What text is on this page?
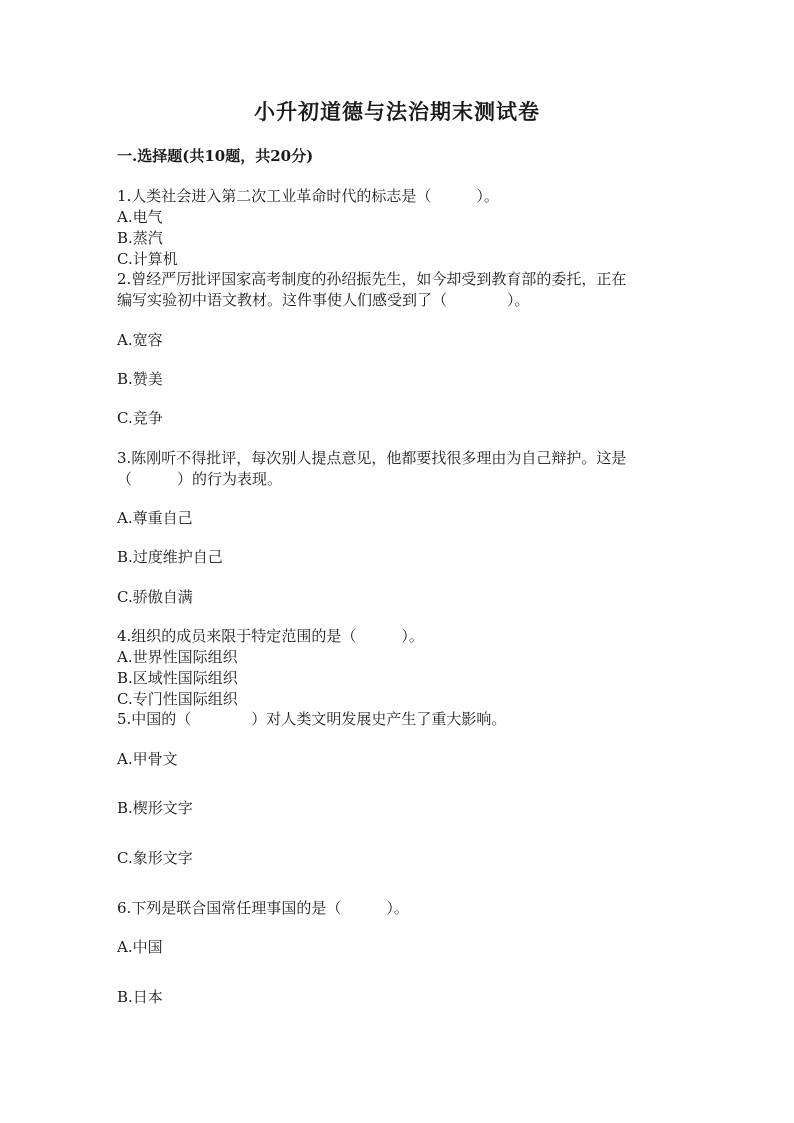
小升初道德与法治期末测试卷
一.选择题(共10题，共20分)
1.人类社会进入第二次工业革命时代的标志是（　　　）。
A.电气
B.蒸汽
C.计算机
2.曾经严厉批评国家高考制度的孙绍振先生，如今却受到教育部的委托，正在
编写实验初中语文教材。这件事使人们感受到了（　　　　）。
A.宽容
B.赞美
C.竞争
3.陈刚听不得批评，每次别人提点意见，他都要找很多理由为自己辩护。这是
（　　　）的行为表现。
A.尊重自己
B.过度维护自己
C.骄傲自满
4.组织的成员来限于特定范围的是（　　　）。
A.世界性国际组织
B.区域性国际组织
C.专门性国际组织
5.中国的（　　　　）对人类文明发展史产生了重大影响。
A.甲骨文
B.楔形文字
C.象形文字
6.下列是联合国常任理事国的是（　　　）。
A.中国
B.日本
